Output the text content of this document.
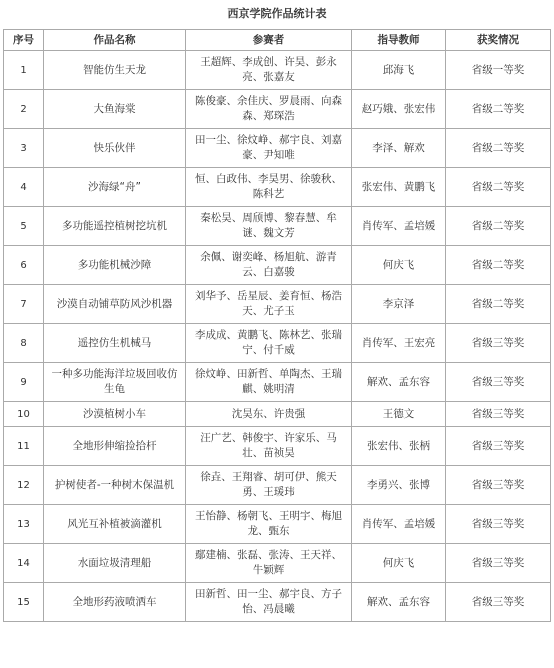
西京学院作品统计表
序号	作品名称	参赛者	指导教师	获奖情况
1	智能仿生天龙	王超辉、李成创、许昊、彭永亮、张嘉友	邱海飞	省级一等奖
2	大鱼海棠	陈俊豪、余佳庆、罗晨雨、向森森、郑琛浩	赵巧娥、张宏伟	省级二等奖
3	快乐伙伴	田一尘、徐炆峥、郝宇良、刘嘉豪、尹知唯	李泽、解欢	省级二等奖
4	沙海绿“舟”	恒、白政伟、李昊男、徐骏秋、陈科艺	张宏伟、黄鹏飞	省级二等奖
5	多功能遥控植树挖坑机	秦松昊、周颀博、黎春慧、牟谜、魏文芳	肖传军、孟培媛	省级二等奖
6	多功能机械沙障	余佩、谢奕峰、杨旭航、游青云、白嘉骏	何庆飞	省级二等奖
7	沙漠自动铺草防风沙机器	刘华予、岳星辰、姜育恒、杨浩天、尤子玉	李京泽	省级二等奖
8	遥控仿生机械马	李成成、黄鹏飞、陈林艺、张瑞宁、付千威	肖传军、王宏亮	省级三等奖
9	一种多功能海洋垃圾回收仿生龟	徐炆峥、田新哲、单陶杰、王瑞麒、姚明清	解欢、孟东容	省级三等奖
10	沙漠植树小车	沈昊东、许贵强	王德文	省级三等奖
11	全地形伸缩捡拾杆	汪广艺、韩俊宇、许家乐、马壮、苗祯昊	张宏伟、张柄	省级三等奖
12	护树使者-一种树木保温机	徐垚、王翔睿、胡可伊、熊天勇、王瑗玮	李勇兴、张博	省级三等奖
13	风光互补植被滴灌机	王怡静、杨朝飞、王明宇、梅旭龙、甄东	肖传军、孟培媛	省级三等奖
14	水面垃圾清理船	鄢建楠、张磊、张涛、王天祥、牛颖辉	何庆飞	省级三等奖
15	全地形药液喷洒车	田新哲、田一尘、郝宇良、方子怡、冯晨曦	解欢、孟东容	省级三等奖
